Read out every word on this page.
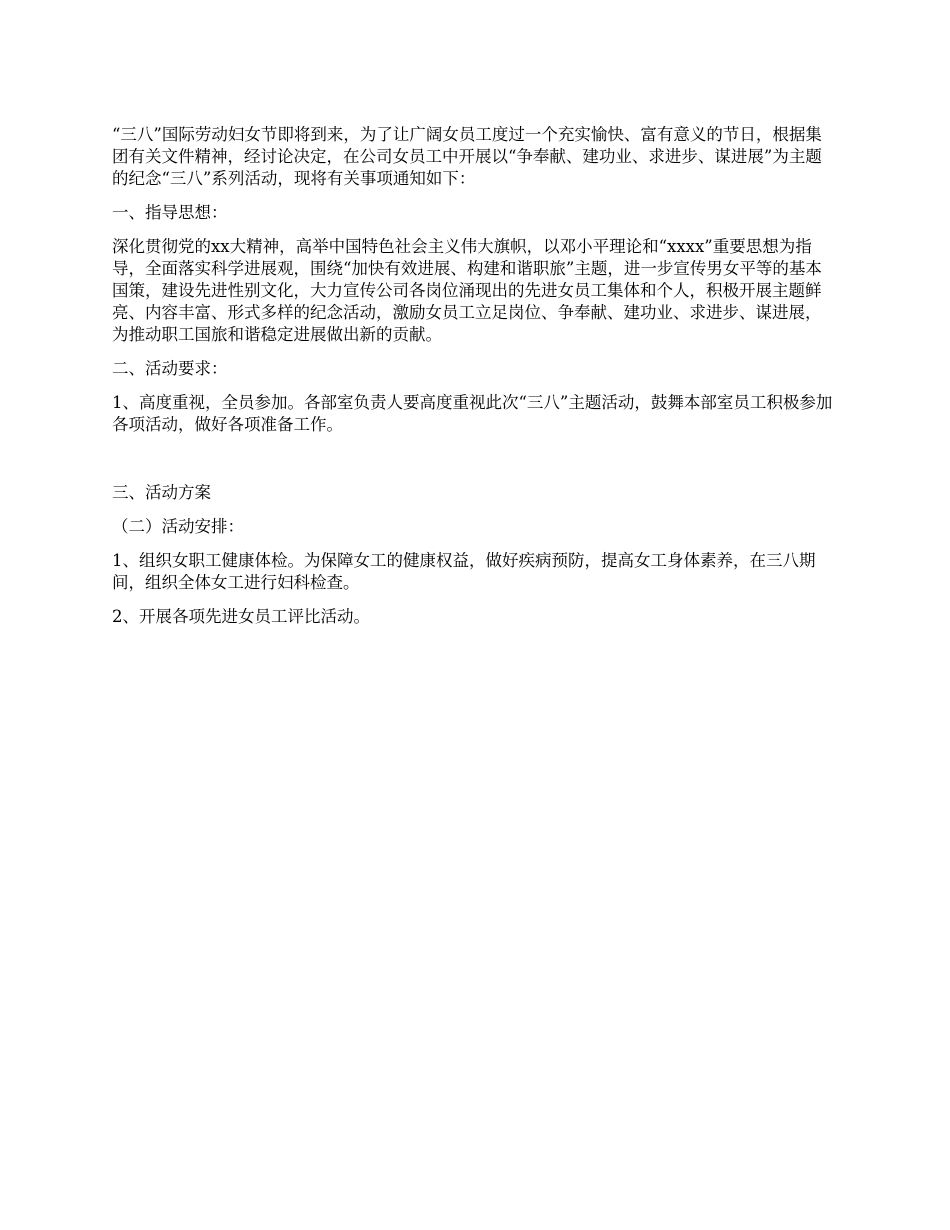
“三八”国际劳动妇女节即将到来，为了让广阔女员工度过一个充实愉快、富有意义的节日，根据集团有关文件精神，经讨论决定，在公司女员工中开展以“争奉献、建功业、求进步、谋进展”为主题的纪念“三八”系列活动，现将有关事项通知如下：

一、指导思想：

深化贯彻党的xx大精神，高举中国特色社会主义伟大旗帜，以邓小平理论和“xxxx”重要思想为指导，全面落实科学进展观，围绕“加快有效进展、构建和谐职旅”主题，进一步宣传男女平等的基本国策，建设先进性别文化，大力宣传公司各岗位涌现出的先进女员工集体和个人，积极开展主题鲜亮、内容丰富、形式多样的纪念活动，激励女员工立足岗位、争奉献、建功业、求进步、谋进展，为推动职工国旅和谐稳定进展做出新的贡献。

二、活动要求：

1、高度重视，全员参加。各部室负责人要高度重视此次“三八”主题活动，鼓舞本部室员工积极参加各项活动，做好各项准备工作。

三、活动方案

（二）活动安排：

1、组织女职工健康体检。为保障女工的健康权益，做好疾病预防，提高女工身体素养，在三八期间，组织全体女工进行妇科检查。

2、开展各项先进女员工评比活动。
